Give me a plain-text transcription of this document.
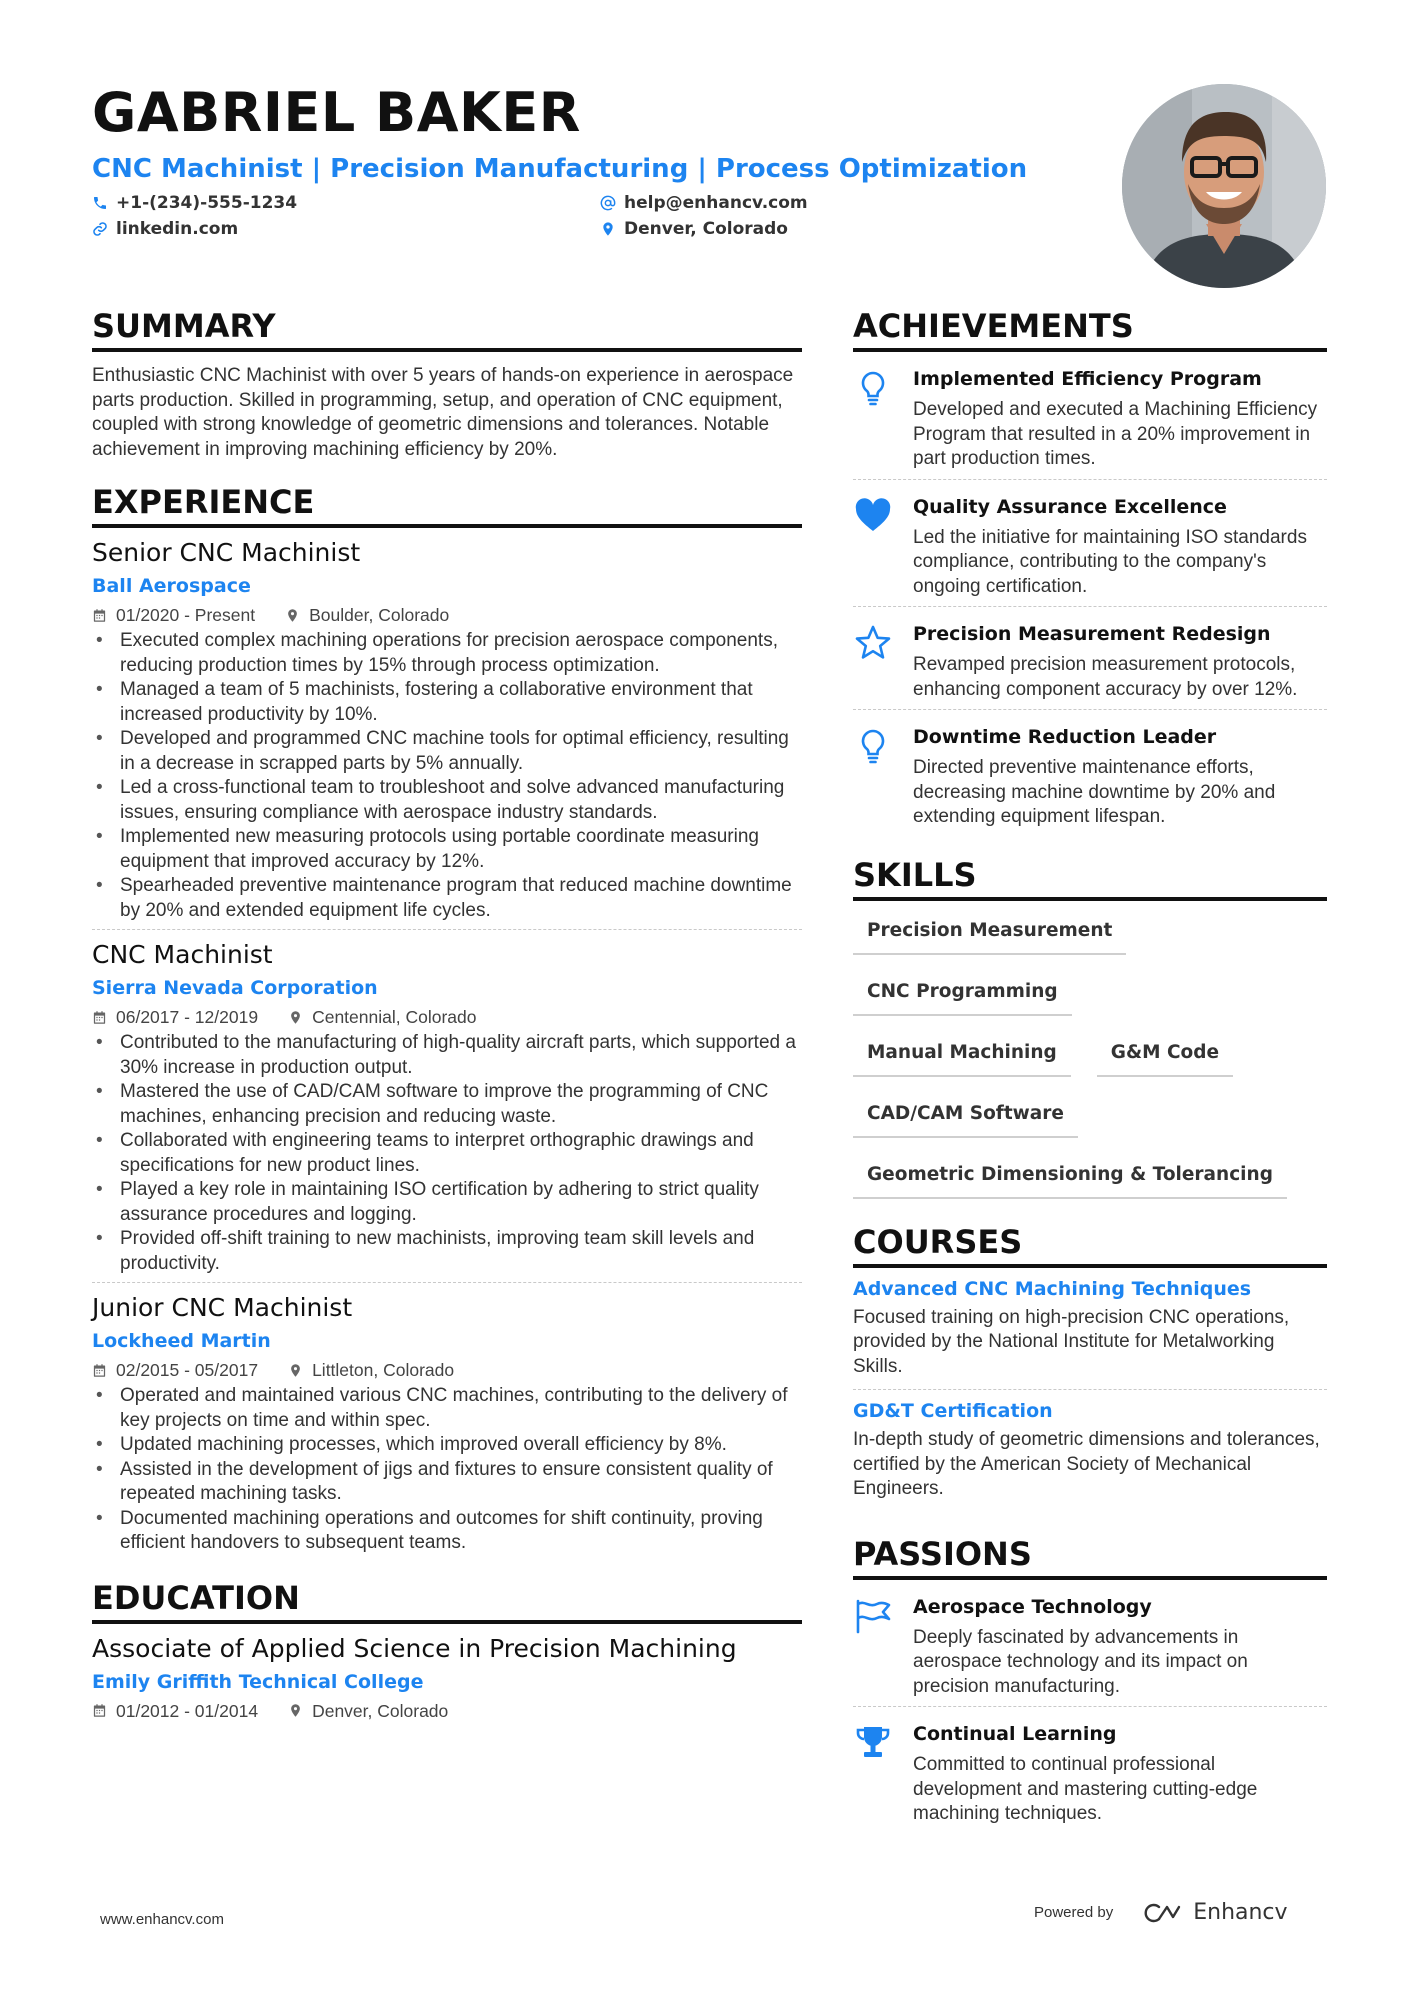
GABRIEL BAKER
CNC Machinist | Precision Manufacturing | Process Optimization
+1-(234)-555-1234	help@enhancv.com
linkedin.com	Denver, Colorado
SUMMARY
Enthusiastic CNC Machinist with over 5 years of hands-on experience in aerospace parts production. Skilled in programming, setup, and operation of CNC equipment, coupled with strong knowledge of geometric dimensions and tolerances. Notable achievement in improving machining efficiency by 20%.
EXPERIENCE
Senior CNC Machinist
Ball Aerospace
01/2020 - Present	Boulder, Colorado
• Executed complex machining operations for precision aerospace components, reducing production times by 15% through process optimization.
• Managed a team of 5 machinists, fostering a collaborative environment that increased productivity by 10%.
• Developed and programmed CNC machine tools for optimal efficiency, resulting in a decrease in scrapped parts by 5% annually.
• Led a cross-functional team to troubleshoot and solve advanced manufacturing issues, ensuring compliance with aerospace industry standards.
• Implemented new measuring protocols using portable coordinate measuring equipment that improved accuracy by 12%.
• Spearheaded preventive maintenance program that reduced machine downtime by 20% and extended equipment life cycles.
CNC Machinist
Sierra Nevada Corporation
06/2017 - 12/2019	Centennial, Colorado
• Contributed to the manufacturing of high-quality aircraft parts, which supported a 30% increase in production output.
• Mastered the use of CAD/CAM software to improve the programming of CNC machines, enhancing precision and reducing waste.
• Collaborated with engineering teams to interpret orthographic drawings and specifications for new product lines.
• Played a key role in maintaining ISO certification by adhering to strict quality assurance procedures and logging.
• Provided off-shift training to new machinists, improving team skill levels and productivity.
Junior CNC Machinist
Lockheed Martin
02/2015 - 05/2017	Littleton, Colorado
• Operated and maintained various CNC machines, contributing to the delivery of key projects on time and within spec.
• Updated machining processes, which improved overall efficiency by 8%.
• Assisted in the development of jigs and fixtures to ensure consistent quality of repeated machining tasks.
• Documented machining operations and outcomes for shift continuity, proving efficient handovers to subsequent teams.
EDUCATION
Associate of Applied Science in Precision Machining
Emily Griffith Technical College
01/2012 - 01/2014	Denver, Colorado
ACHIEVEMENTS
Implemented Efficiency Program
Developed and executed a Machining Efficiency Program that resulted in a 20% improvement in part production times.
Quality Assurance Excellence
Led the initiative for maintaining ISO standards compliance, contributing to the company's ongoing certification.
Precision Measurement Redesign
Revamped precision measurement protocols, enhancing component accuracy by over 12%.
Downtime Reduction Leader
Directed preventive maintenance efforts, decreasing machine downtime by 20% and extending equipment lifespan.
SKILLS
Precision Measurement
CNC Programming
Manual Machining	G&M Code
CAD/CAM Software
Geometric Dimensioning & Tolerancing
COURSES
Advanced CNC Machining Techniques
Focused training on high-precision CNC operations, provided by the National Institute for Metalworking Skills.
GD&T Certification
In-depth study of geometric dimensions and tolerances, certified by the American Society of Mechanical Engineers.
PASSIONS
Aerospace Technology
Deeply fascinated by advancements in aerospace technology and its impact on precision manufacturing.
Continual Learning
Committed to continual professional development and mastering cutting-edge machining techniques.
www.enhancv.com	Powered by	Enhancv
